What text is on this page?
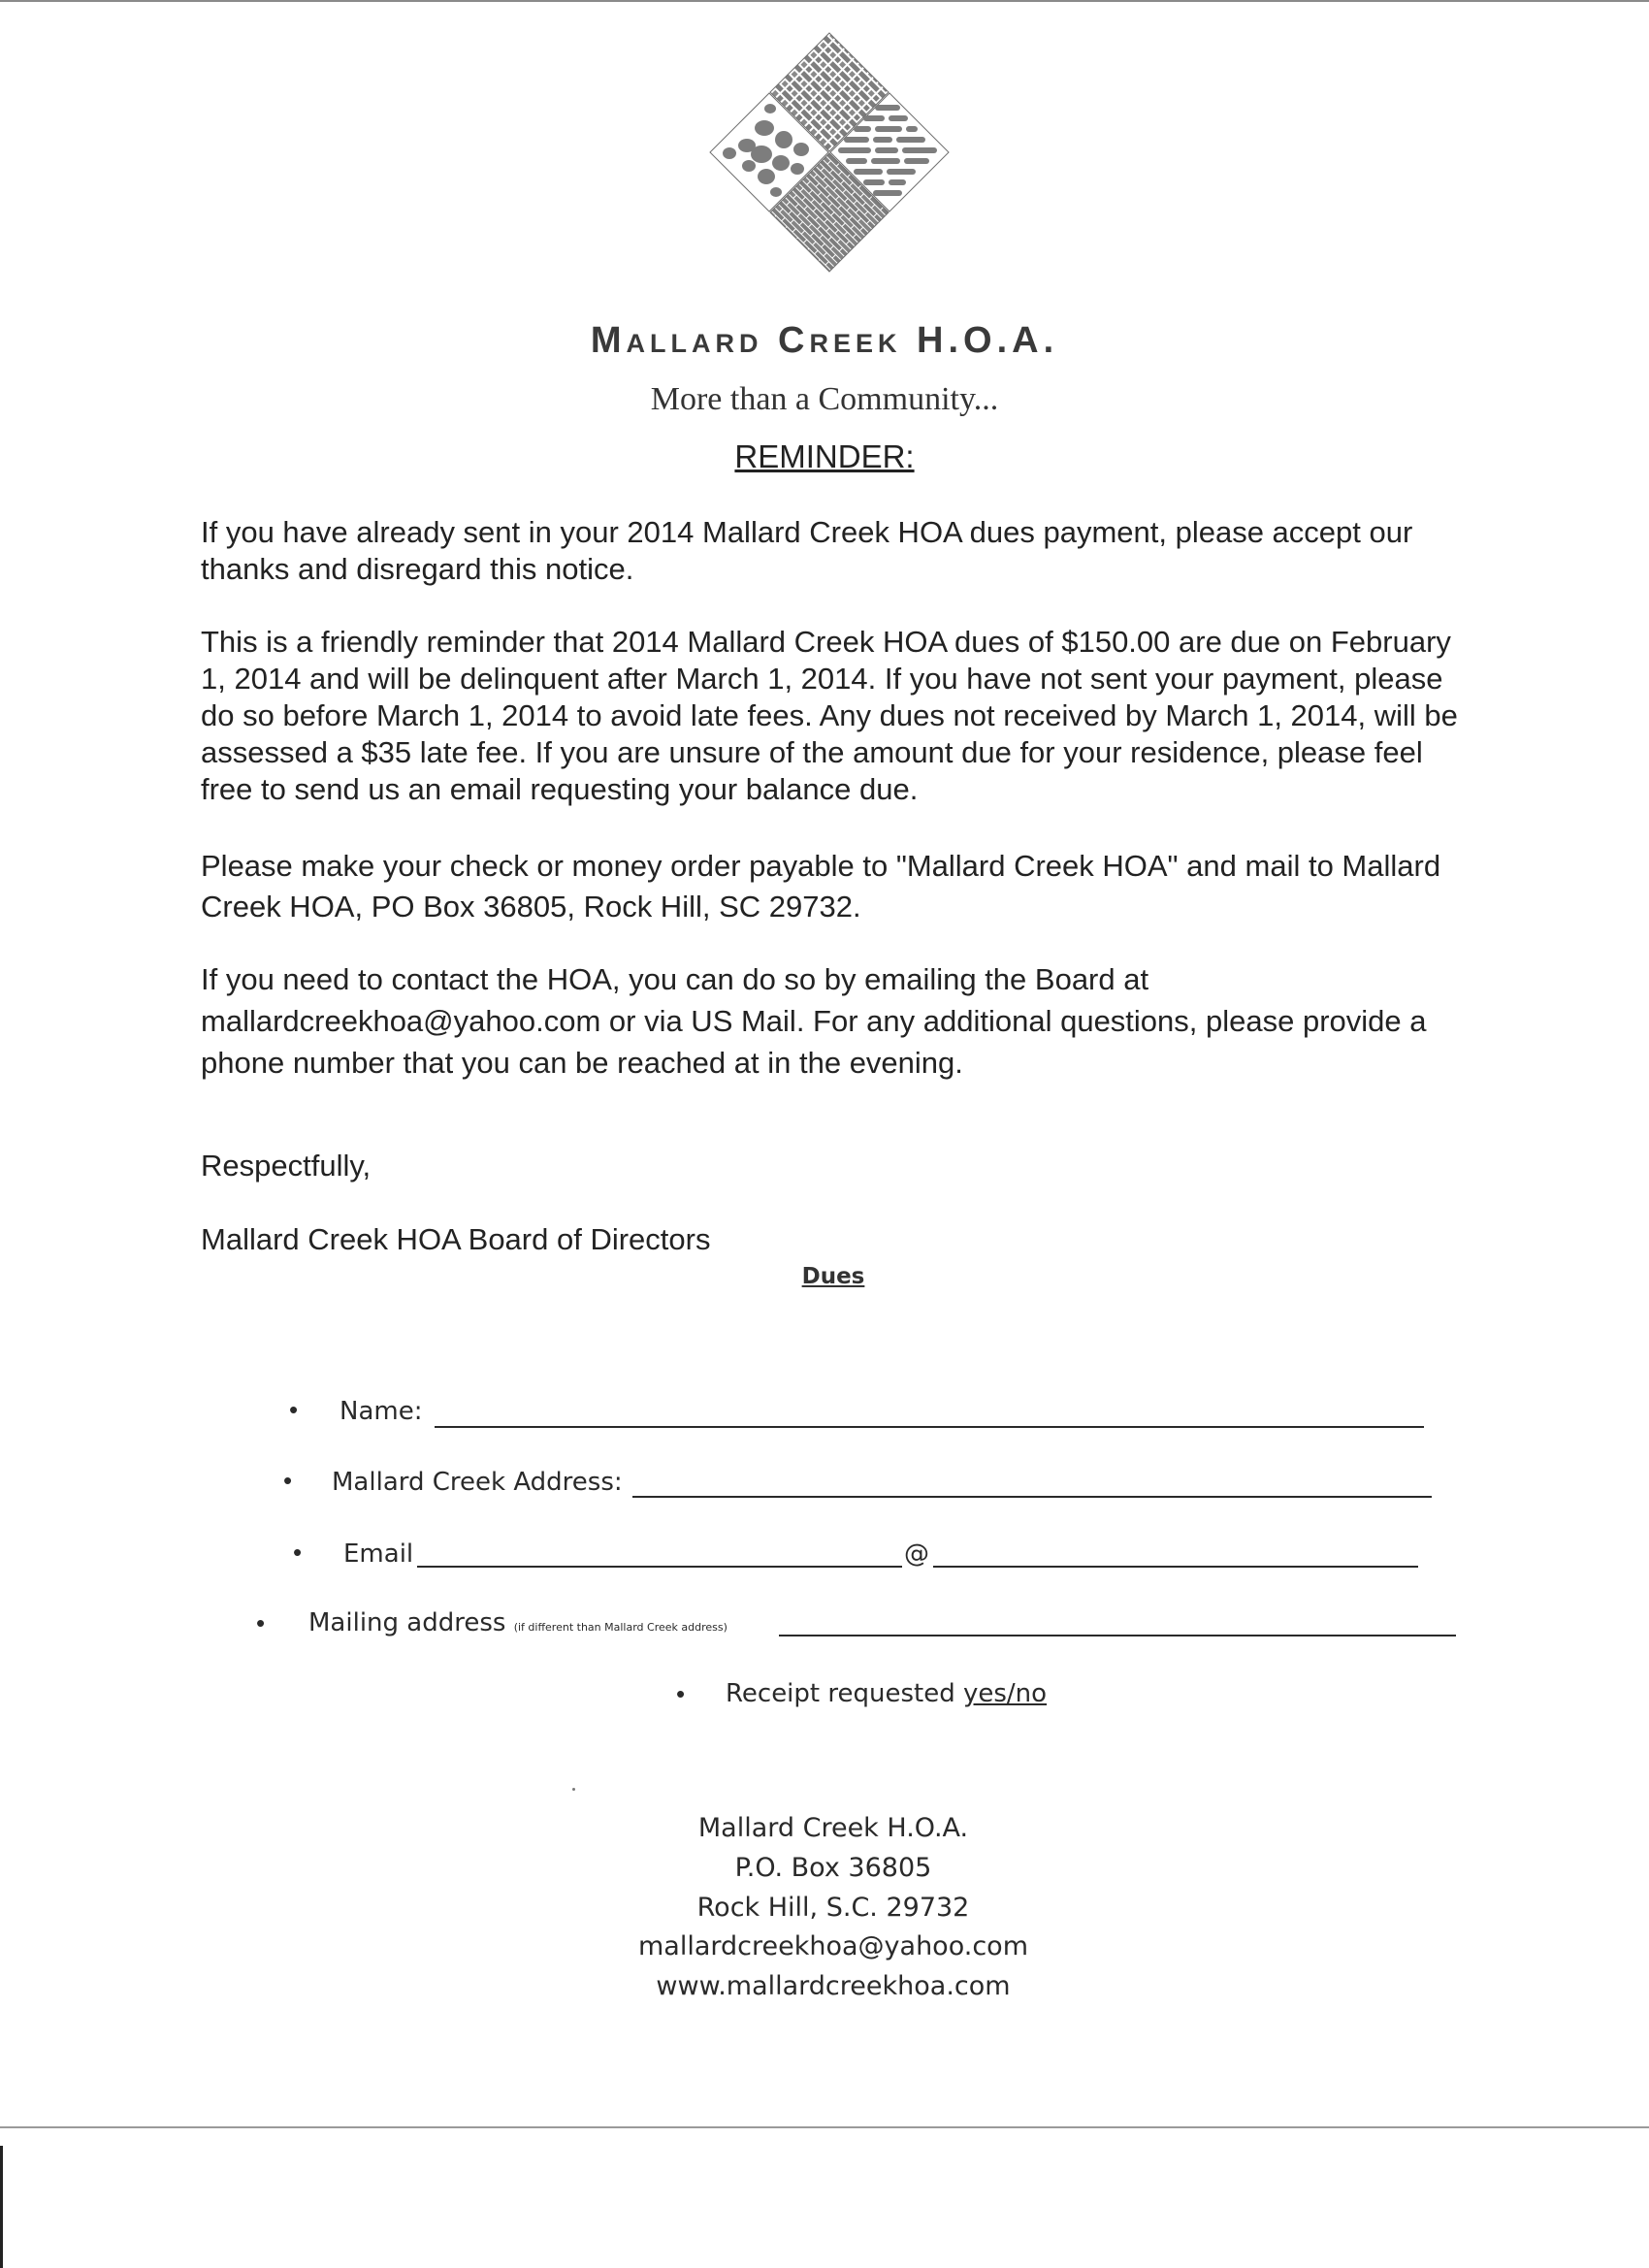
Mallard Creek H.O.A.
More than a Community...
REMINDER:
If you have already sent in your 2014 Mallard Creek HOA dues payment, please accept our thanks and disregard this notice.
This is a friendly reminder that 2014 Mallard Creek HOA dues of $150.00 are due on February 1, 2014 and will be delinquent after March 1, 2014. If you have not sent your payment, please do so before March 1, 2014 to avoid late fees. Any dues not received by March 1, 2014, will be assessed a $35 late fee. If you are unsure of the amount due for your residence, please feel free to send us an email requesting your balance due.
Please make your check or money order payable to "Mallard Creek HOA" and mail to Mallard Creek HOA, PO Box 36805, Rock Hill, SC 29732.
If you need to contact the HOA, you can do so by emailing the Board at mallardcreekhoa@yahoo.com or via US Mail. For any additional questions, please provide a phone number that you can be reached at in the evening.
Respectfully,
Mallard Creek HOA Board of Directors
Dues
• Name:
• Mallard Creek Address:
• Email	@
• Mailing address (if different than Mallard Creek address)
• Receipt requested yes/no
Mallard Creek H.O.A.
P.O. Box 36805
Rock Hill, S.C. 29732
mallardcreekhoa@yahoo.com
www.mallardcreekhoa.com
